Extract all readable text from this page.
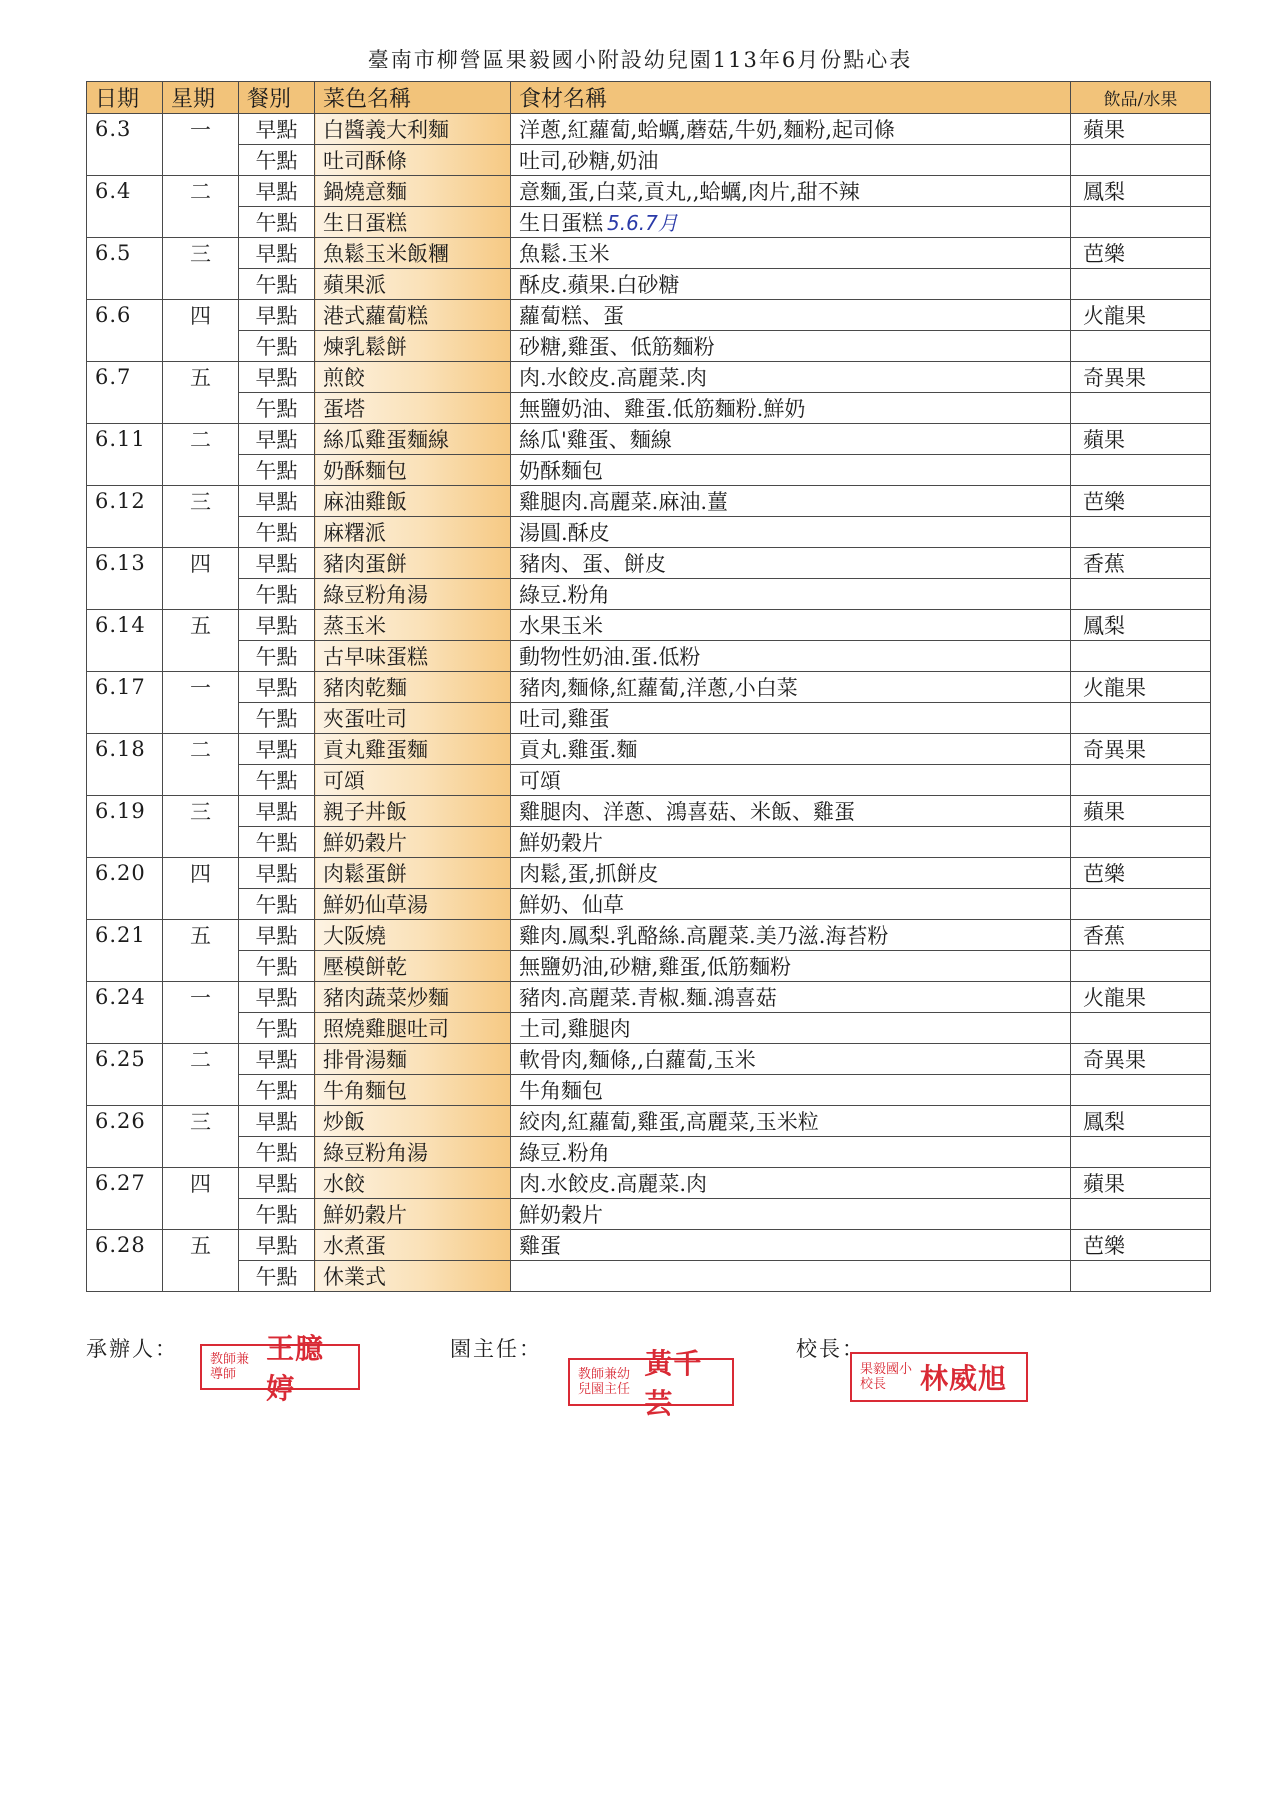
臺南市柳營區果毅國小附設幼兒園113年6月份點心表
日期	星期	餐別	菜色名稱	食材名稱	飲品/水果
6.3	一	早點	白醬義大利麵	洋蔥,紅蘿蔔,蛤蠣,蘑菇,牛奶,麵粉,起司條	蘋果
		午點	吐司酥條	吐司,砂糖,奶油	
6.4	二	早點	鍋燒意麵	意麵,蛋,白菜,貢丸,,蛤蠣,肉片,甜不辣	鳳梨
		午點	生日蛋糕	生日蛋糕 5.6.7月	
6.5	三	早點	魚鬆玉米飯糰	魚鬆.玉米	芭樂
		午點	蘋果派	酥皮.蘋果.白砂糖	
6.6	四	早點	港式蘿蔔糕	蘿蔔糕、蛋	火龍果
		午點	煉乳鬆餅	砂糖,雞蛋、低筋麵粉	
6.7	五	早點	煎餃	肉.水餃皮.高麗菜.肉	奇異果
		午點	蛋塔	無鹽奶油、雞蛋.低筋麵粉.鮮奶	
6.11	二	早點	絲瓜雞蛋麵線	絲瓜'雞蛋、麵線	蘋果
		午點	奶酥麵包	奶酥麵包	
6.12	三	早點	麻油雞飯	雞腿肉.高麗菜.麻油.薑	芭樂
		午點	麻糬派	湯圓.酥皮	
6.13	四	早點	豬肉蛋餅	豬肉、蛋、餅皮	香蕉
		午點	綠豆粉角湯	綠豆.粉角	
6.14	五	早點	蒸玉米	水果玉米	鳳梨
		午點	古早味蛋糕	動物性奶油.蛋.低粉	
6.17	一	早點	豬肉乾麵	豬肉,麵條,紅蘿蔔,洋蔥,小白菜	火龍果
		午點	夾蛋吐司	吐司,雞蛋	
6.18	二	早點	貢丸雞蛋麵	貢丸.雞蛋.麵	奇異果
		午點	可頌	可頌	
6.19	三	早點	親子丼飯	雞腿肉、洋蔥、鴻喜菇、米飯、雞蛋	蘋果
		午點	鮮奶穀片	鮮奶穀片	
6.20	四	早點	肉鬆蛋餅	肉鬆,蛋,抓餅皮	芭樂
		午點	鮮奶仙草湯	鮮奶、仙草	
6.21	五	早點	大阪燒	雞肉.鳳梨.乳酪絲.高麗菜.美乃滋.海苔粉	香蕉
		午點	壓模餅乾	無鹽奶油,砂糖,雞蛋,低筋麵粉	
6.24	一	早點	豬肉蔬菜炒麵	豬肉.高麗菜.青椒.麵.鴻喜菇	火龍果
		午點	照燒雞腿吐司	土司,雞腿肉	
6.25	二	早點	排骨湯麵	軟骨肉,麵條,,白蘿蔔,玉米	奇異果
		午點	牛角麵包	牛角麵包	
6.26	三	早點	炒飯	絞肉,紅蘿蔔,雞蛋,高麗菜,玉米粒	鳳梨
		午點	綠豆粉角湯	綠豆.粉角	
6.27	四	早點	水餃	肉.水餃皮.高麗菜.肉	蘋果
		午點	鮮奶穀片	鮮奶穀片	
6.28	五	早點	水煮蛋	雞蛋	芭樂
		午點	休業式		
承辦人：	園主任：	校長：
教師兼導師
王臆婷	教師兼幼兒園主任
黃千芸
果毅國小校長	林威旭
